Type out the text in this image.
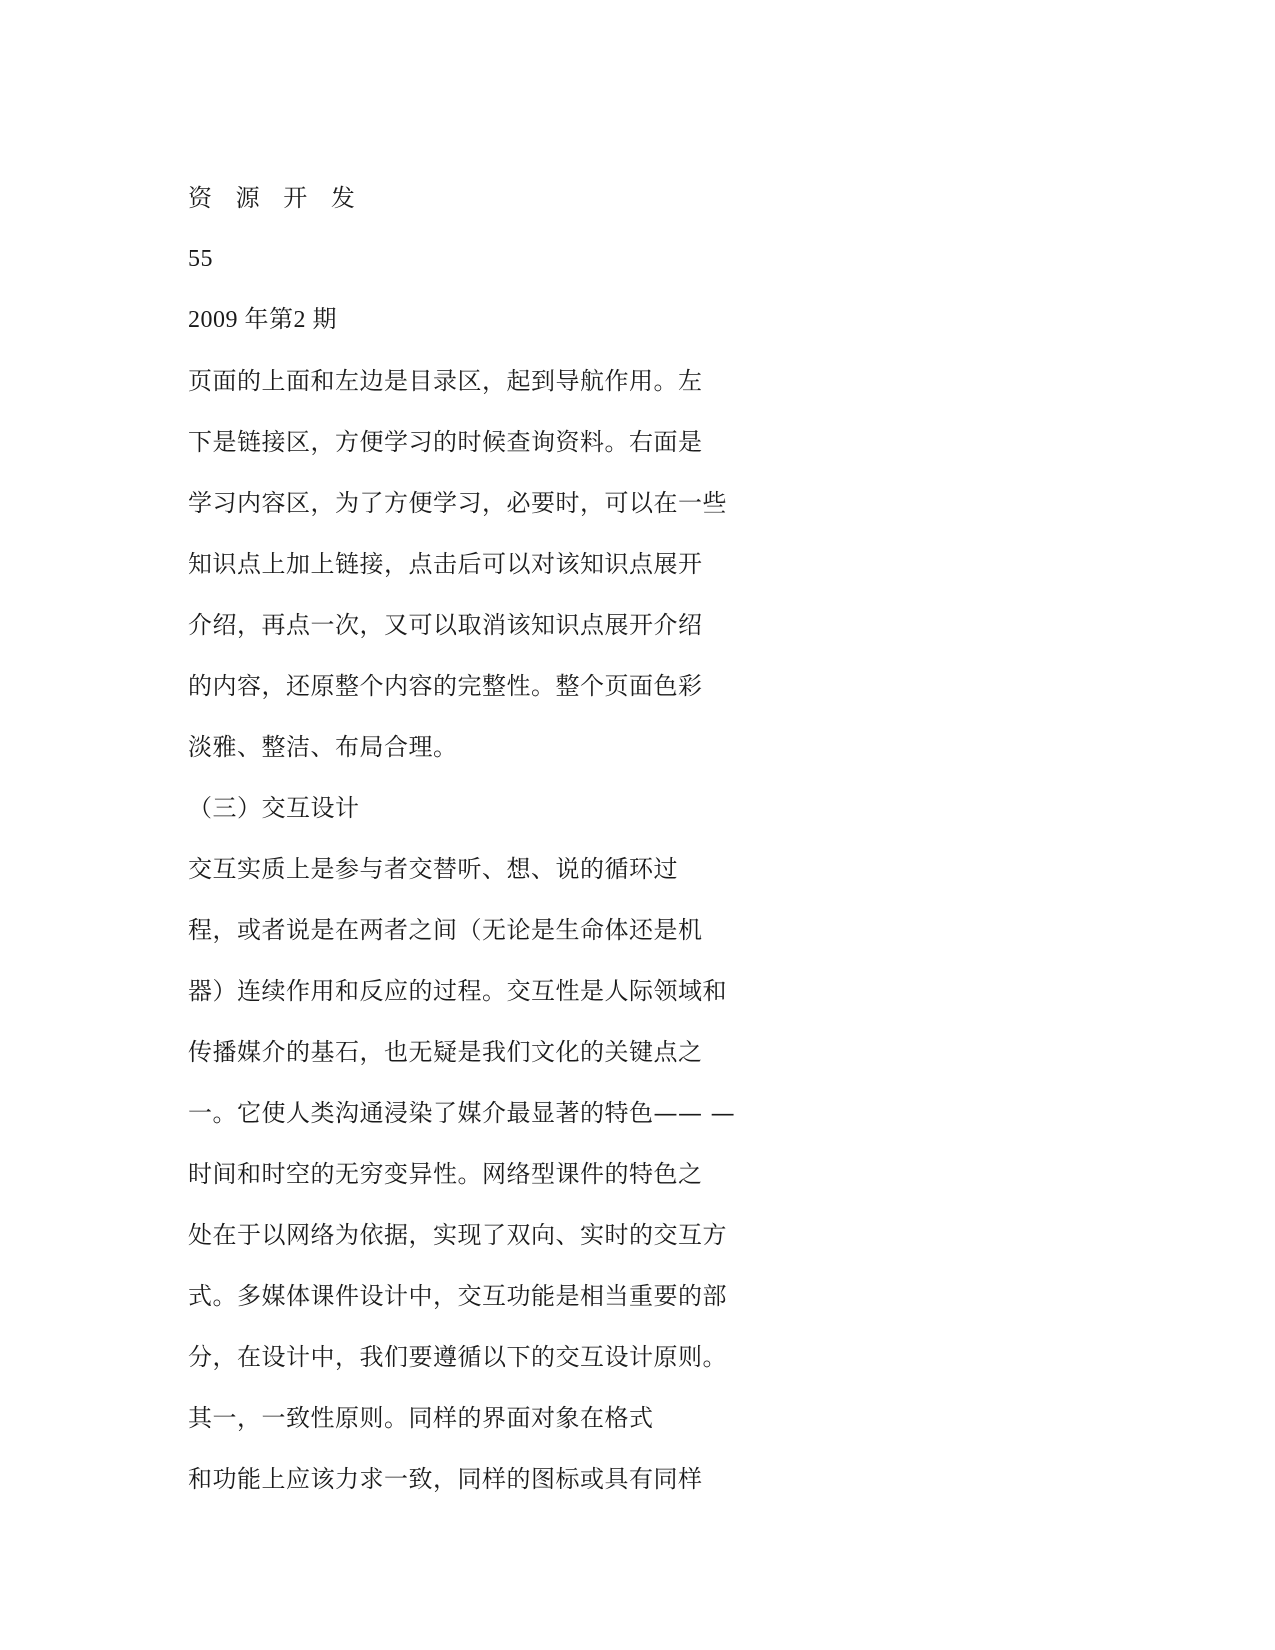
资 源 开 发
55
2009 年第2 期
页面的上面和左边是目录区，起到导航作用。左
下是链接区，方便学习的时候查询资料。右面是
学习内容区，为了方便学习，必要时，可以在一些
知识点上加上链接，点击后可以对该知识点展开
介绍，再点一次，又可以取消该知识点展开介绍
的内容，还原整个内容的完整性。整个页面色彩
淡雅、整洁、布局合理。
（三）交互设计
交互实质上是参与者交替听、想、说的循环过
程，或者说是在两者之间（无论是生命体还是机
器）连续作用和反应的过程。交互性是人际领域和
传播媒介的基石，也无疑是我们文化的关键点之
一。它使人类沟通浸染了媒介最显著的特色—— —
时间和时空的无穷变异性。网络型课件的特色之
处在于以网络为依据，实现了双向、实时的交互方
式。多媒体课件设计中，交互功能是相当重要的部
分，在设计中，我们要遵循以下的交互设计原则。
其一，一致性原则。同样的界面对象在格式
和功能上应该力求一致，同样的图标或具有同样
